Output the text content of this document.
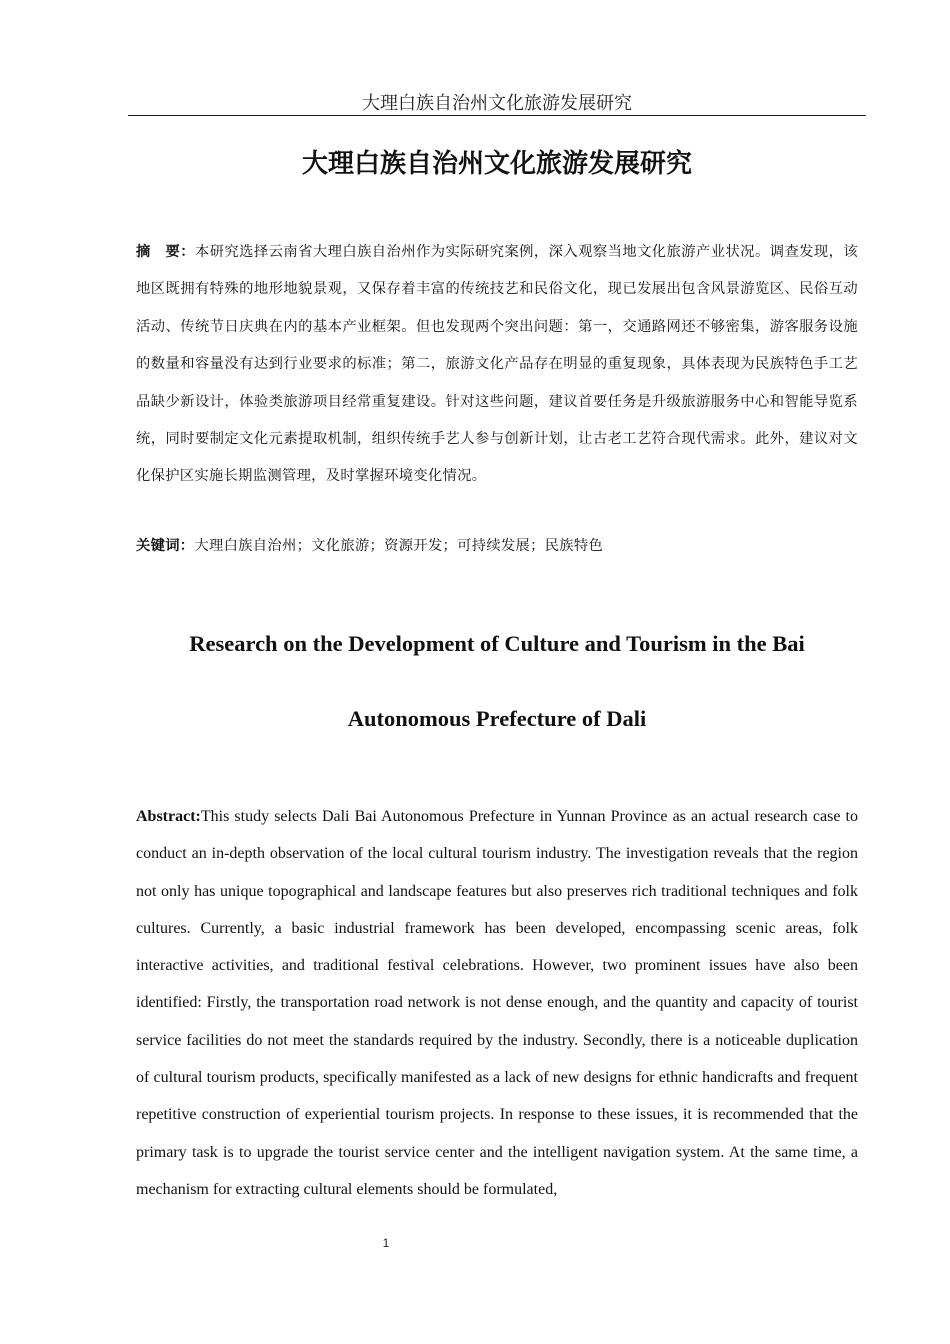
大理白族自治州文化旅游发展研究
大理白族自治州文化旅游发展研究

摘　要：本研究选择云南省大理白族自治州作为实际研究案例，深入观察当地文化旅游产业状况。调查发现，该地区既拥有特殊的地形地貌景观，又保存着丰富的传统技艺和民俗文化，现已发展出包含风景游览区、民俗互动活动、传统节日庆典在内的基本产业框架。但也发现两个突出问题：第一，交通路网还不够密集，游客服务设施的数量和容量没有达到行业要求的标准；第二，旅游文化产品存在明显的重复现象，具体表现为民族特色手工艺品缺少新设计，体验类旅游项目经常重复建设。针对这些问题，建议首要任务是升级旅游服务中心和智能导览系统，同时要制定文化元素提取机制，组织传统手艺人参与创新计划，让古老工艺符合现代需求。此外，建议对文化保护区实施长期监测管理，及时掌握环境变化情况。

关键词：大理白族自治州；文化旅游；资源开发；可持续发展；民族特色

Research on the Development of Culture and Tourism in the Bai Autonomous Prefecture of Dali

Abstract:This study selects Dali Bai Autonomous Prefecture in Yunnan Province as an actual research case to conduct an in-depth observation of the local cultural tourism industry. The investigation reveals that the region not only has unique topographical and landscape features but also preserves rich traditional techniques and folk cultures. Currently, a basic industrial framework has been developed, encompassing scenic areas, folk interactive activities, and traditional festival celebrations. However, two prominent issues have also been identified: Firstly, the transportation road network is not dense enough, and the quantity and capacity of tourist service facilities do not meet the standards required by the industry. Secondly, there is a noticeable duplication of cultural tourism products, specifically manifested as a lack of new designs for ethnic handicrafts and frequent repetitive construction of experiential tourism projects. In response to these issues, it is recommended that the primary task is to upgrade the tourist service center and the intelligent navigation system. At the same time, a mechanism for extracting cultural elements should be formulated,

1
